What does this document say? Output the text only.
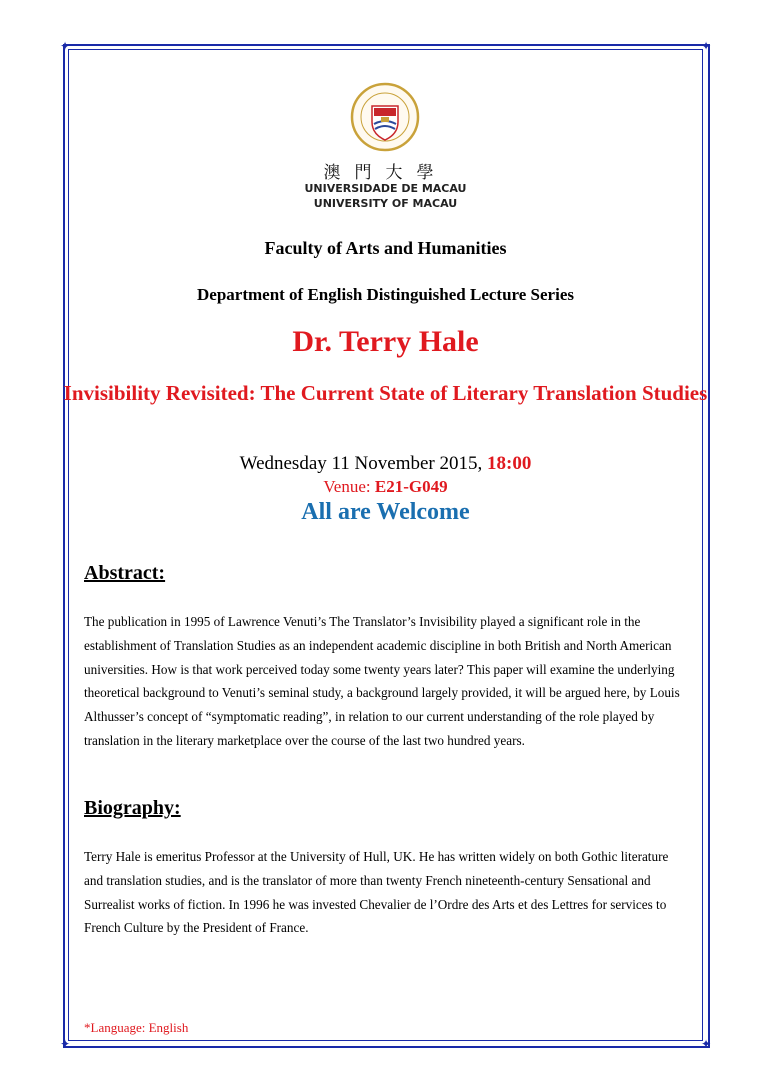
✦	✦
✦	✦
澳門大學
UNIVERSIDADE DE MACAU
UNIVERSITY OF MACAU
Faculty of Arts and Humanities
Department of English Distinguished Lecture Series
Dr. Terry Hale
Invisibility Revisited: The Current State of Literary Translation Studies
Wednesday 11 November 2015, 18:00
Venue: E21-G049
All are Welcome
Abstract:
The publication in 1995 of Lawrence Venuti’s The Translator’s Invisibility played a significant role in the establishment of Translation Studies as an independent academic discipline in both British and North American universities. How is that work perceived today some twenty years later? This paper will examine the underlying theoretical background to Venuti’s seminal study, a background largely provided, it will be argued here, by Louis Althusser’s concept of “symptomatic reading”, in relation to our current understanding of the role played by translation in the literary marketplace over the course of the last two hundred years.
Biography:
Terry Hale is emeritus Professor at the University of Hull, UK. He has written widely on both Gothic literature and translation studies, and is the translator of more than twenty French nineteenth-century Sensational and Surrealist works of fiction. In 1996 he was invested Chevalier de l’Ordre des Arts et des Lettres for services to French Culture by the President of France.
*Language: English
